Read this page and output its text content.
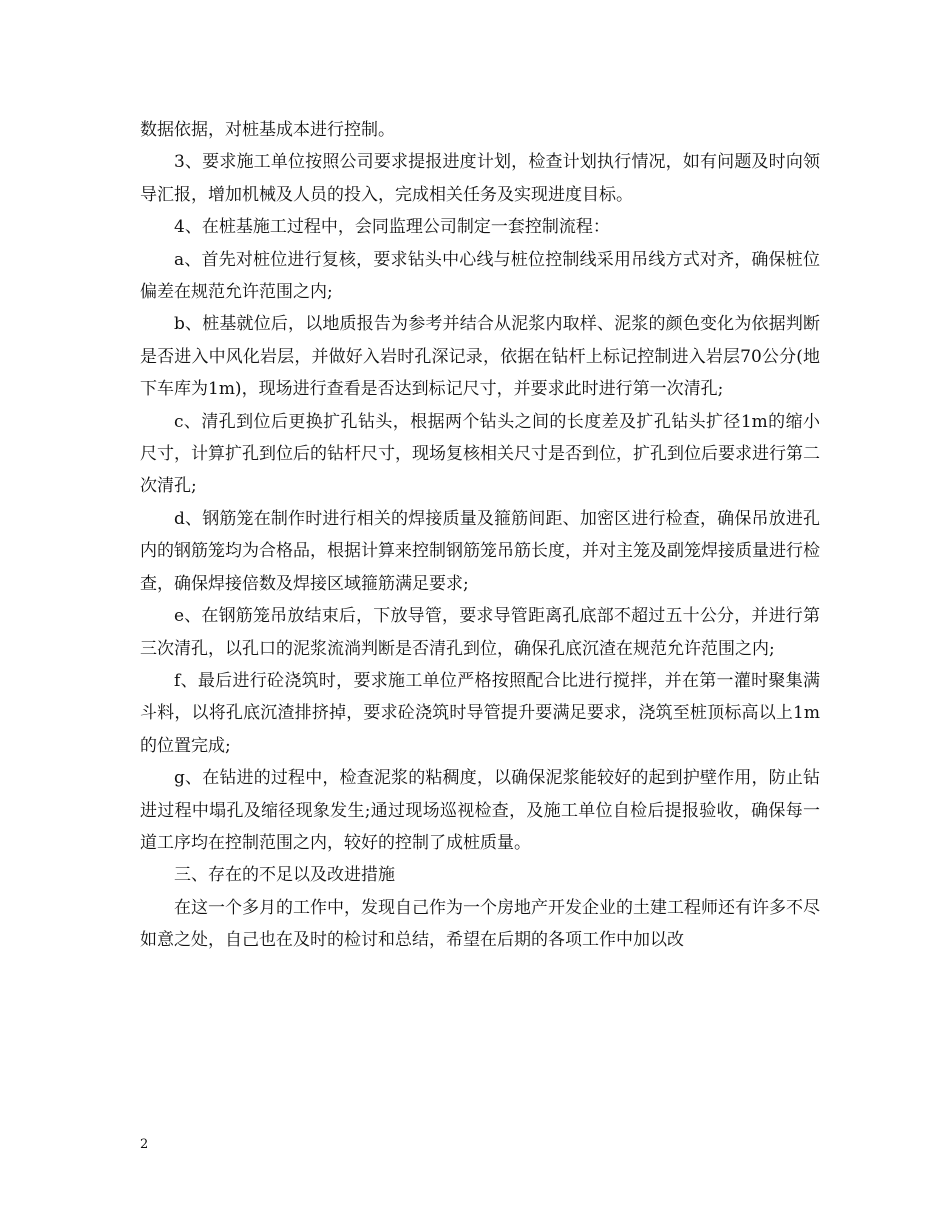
数据依据，对桩基成本进行控制。

3、要求施工单位按照公司要求提报进度计划，检查计划执行情况，如有问题及时向领导汇报，增加机械及人员的投入，完成相关任务及实现进度目标。

4、在桩基施工过程中，会同监理公司制定一套控制流程：

a、首先对桩位进行复核，要求钻头中心线与桩位控制线采用吊线方式对齐，确保桩位偏差在规范允许范围之内;

b、桩基就位后，以地质报告为参考并结合从泥浆内取样、泥浆的颜色变化为依据判断是否进入中风化岩层，并做好入岩时孔深记录，依据在钻杆上标记控制进入岩层70公分(地下车库为1m)，现场进行查看是否达到标记尺寸，并要求此时进行第一次清孔;

c、清孔到位后更换扩孔钻头，根据两个钻头之间的长度差及扩孔钻头扩径1m的缩小尺寸，计算扩孔到位后的钻杆尺寸，现场复核相关尺寸是否到位，扩孔到位后要求进行第二次清孔;

d、钢筋笼在制作时进行相关的焊接质量及箍筋间距、加密区进行检查，确保吊放进孔内的钢筋笼均为合格品，根据计算来控制钢筋笼吊筋长度，并对主笼及副笼焊接质量进行检查，确保焊接倍数及焊接区域箍筋满足要求;

e、在钢筋笼吊放结束后，下放导管，要求导管距离孔底部不超过五十公分，并进行第三次清孔，以孔口的泥浆流淌判断是否清孔到位，确保孔底沉渣在规范允许范围之内;

f、最后进行砼浇筑时，要求施工单位严格按照配合比进行搅拌，并在第一灌时聚集满斗料，以将孔底沉渣排挤掉，要求砼浇筑时导管提升要满足要求，浇筑至桩顶标高以上1m的位置完成;

g、在钻进的过程中，检查泥浆的粘稠度，以确保泥浆能较好的起到护壁作用，防止钻进过程中塌孔及缩径现象发生;通过现场巡视检查，及施工单位自检后提报验收，确保每一道工序均在控制范围之内，较好的控制了成桩质量。

三、存在的不足以及改进措施

在这一个多月的工作中，发现自己作为一个房地产开发企业的土建工程师还有许多不尽如意之处，自己也在及时的检讨和总结，希望在后期的各项工作中加以改

2
